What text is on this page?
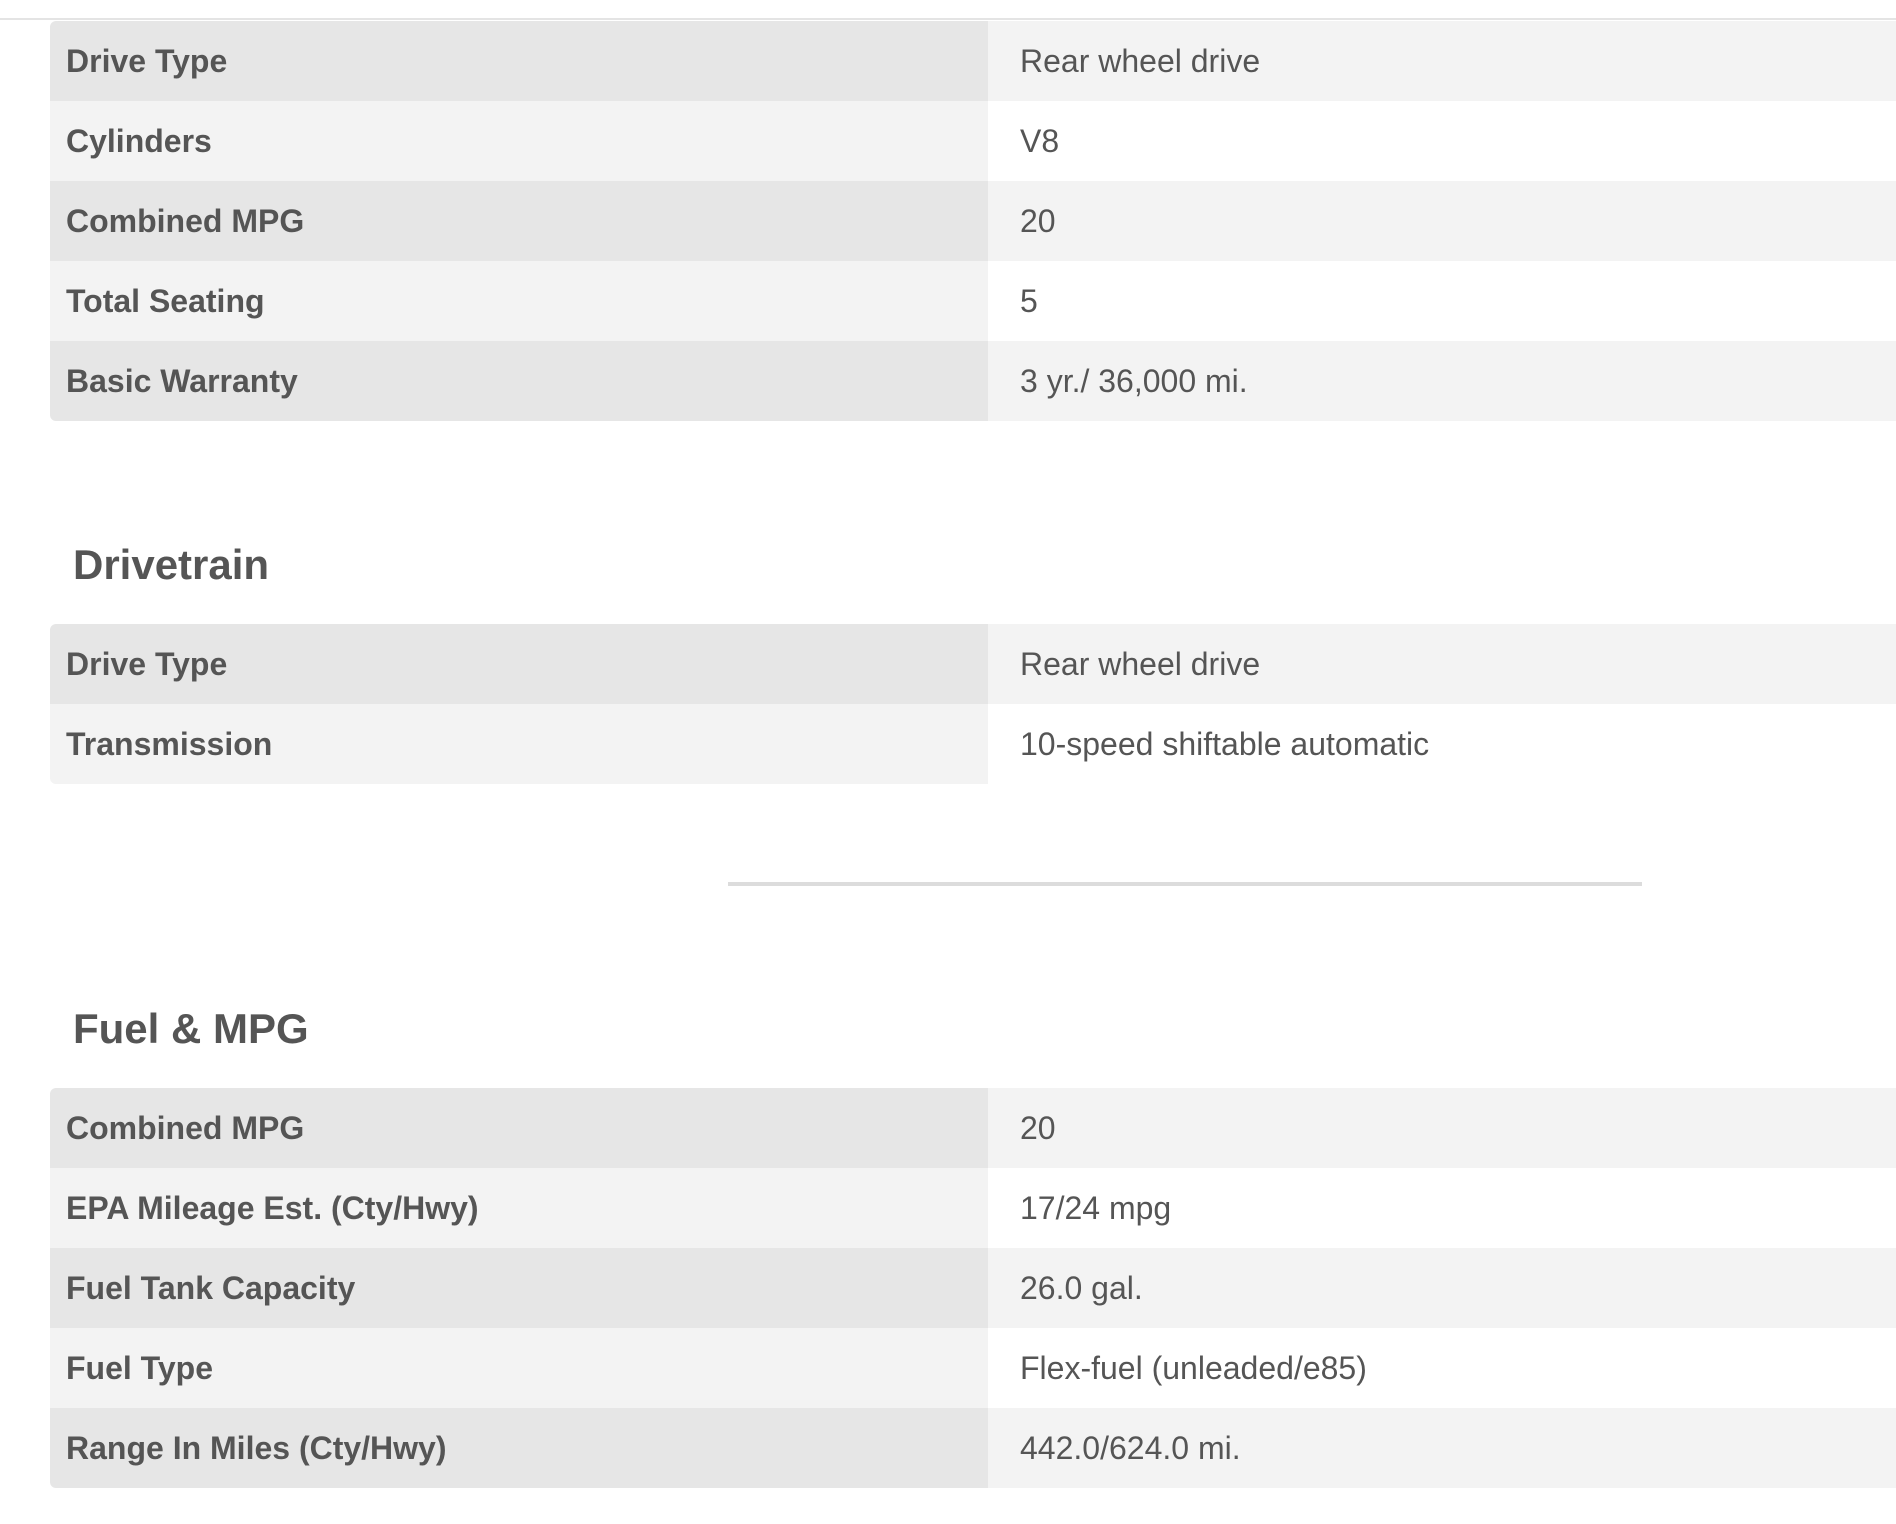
Drive Type	Rear wheel drive
Cylinders	V8
Combined MPG	20
Total Seating	5
Basic Warranty	3 yr./ 36,000 mi.
Drivetrain
Drive Type	Rear wheel drive
Transmission	10-speed shiftable automatic
Fuel & MPG
Combined MPG	20
EPA Mileage Est. (Cty/Hwy)	17/24 mpg
Fuel Tank Capacity	26.0 gal.
Fuel Type	Flex-fuel (unleaded/e85)
Range In Miles (Cty/Hwy)	442.0/624.0 mi.
